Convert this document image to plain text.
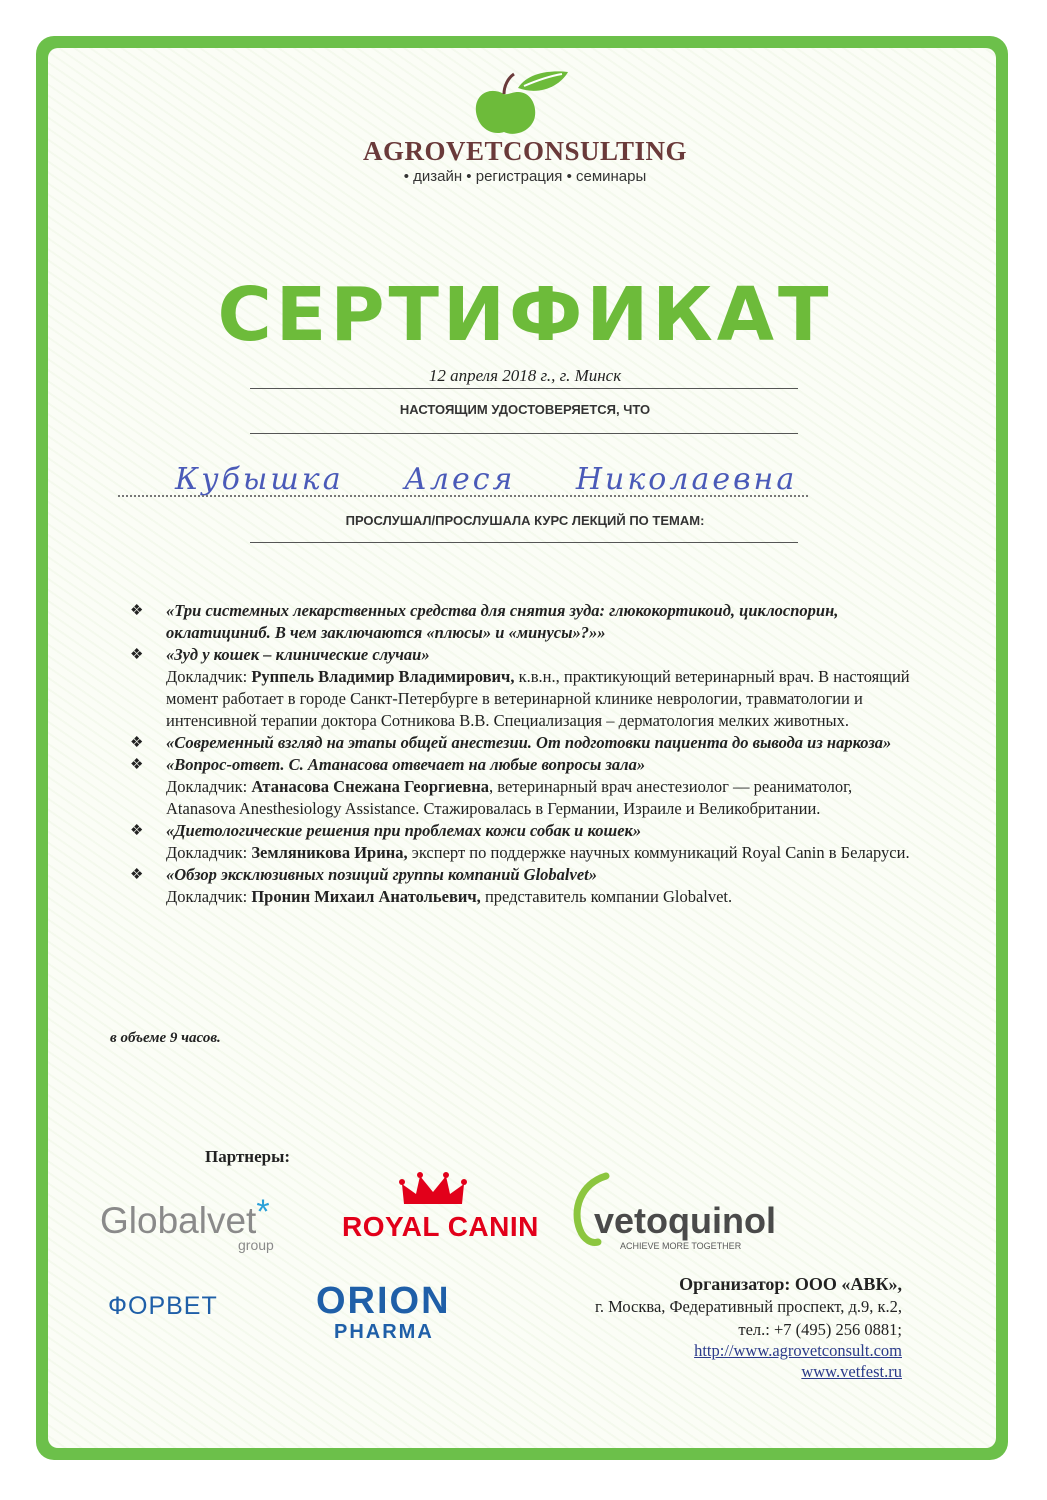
AGROVETCONSULTING
• дизайн • регистрация • семинары
СЕРТИФИКАТ
12 апреля 2018 г., г. Минск
НАСТОЯЩИМ УДОСТОВЕРЯЕТСЯ, ЧТО
Кубышка Алеся Николаевна
ПРОСЛУШАЛ/ПРОСЛУШАЛА КУРС ЛЕКЦИЙ ПО ТЕМАМ:
❖ «Три системных лекарственных средства для снятия зуда: глюкокортикоид, циклоспорин, оклатициниб. В чем заключаются «плюсы» и «минусы»?»»
❖ «Зуд у кошек – клинические случаи»
Докладчик: Руппель Владимир Владимирович, к.в.н., практикующий ветеринарный врач. В настоящий момент работает в городе Санкт-Петербурге в ветеринарной клинике неврологии, травматологии и интенсивной терапии доктора Сотникова В.В. Специализация – дерматология мелких животных.
❖ «Современный взгляд на этапы общей анестезии. От подготовки пациента до вывода из наркоза»
❖ «Вопрос-ответ. С. Атанасова отвечает на любые вопросы зала»
Докладчик: Атанасова Снежана Георгиевна, ветеринарный врач анестезиолог — реаниматолог, Atanasova Anesthesiology Assistance. Стажировалась в Германии, Израиле и Великобритании.
❖ «Диетологические решения при проблемах кожи собак и кошек»
Докладчик: Земляникова Ирина, эксперт по поддержке научных коммуникаций Royal Canin в Беларуси.
❖ «Обзор эксклюзивных позиций группы компаний Globalvet»
Докладчик: Пронин Михаил Анатольевич, представитель компании Globalvet.
в объеме 9 часов.
Партнеры:
Globalvet*
group
ROYAL CANIN vetoquinol
ACHIEVE MORE TOGETHER
ФОРВЕТ	ORION
PHARMA
Организатор: ООО «АВК»,
г. Москва, Федеративный проспект, д.9, к.2,
тел.: +7 (495) 256 0881;
http://www.agrovetconsult.com
www.vetfest.ru
